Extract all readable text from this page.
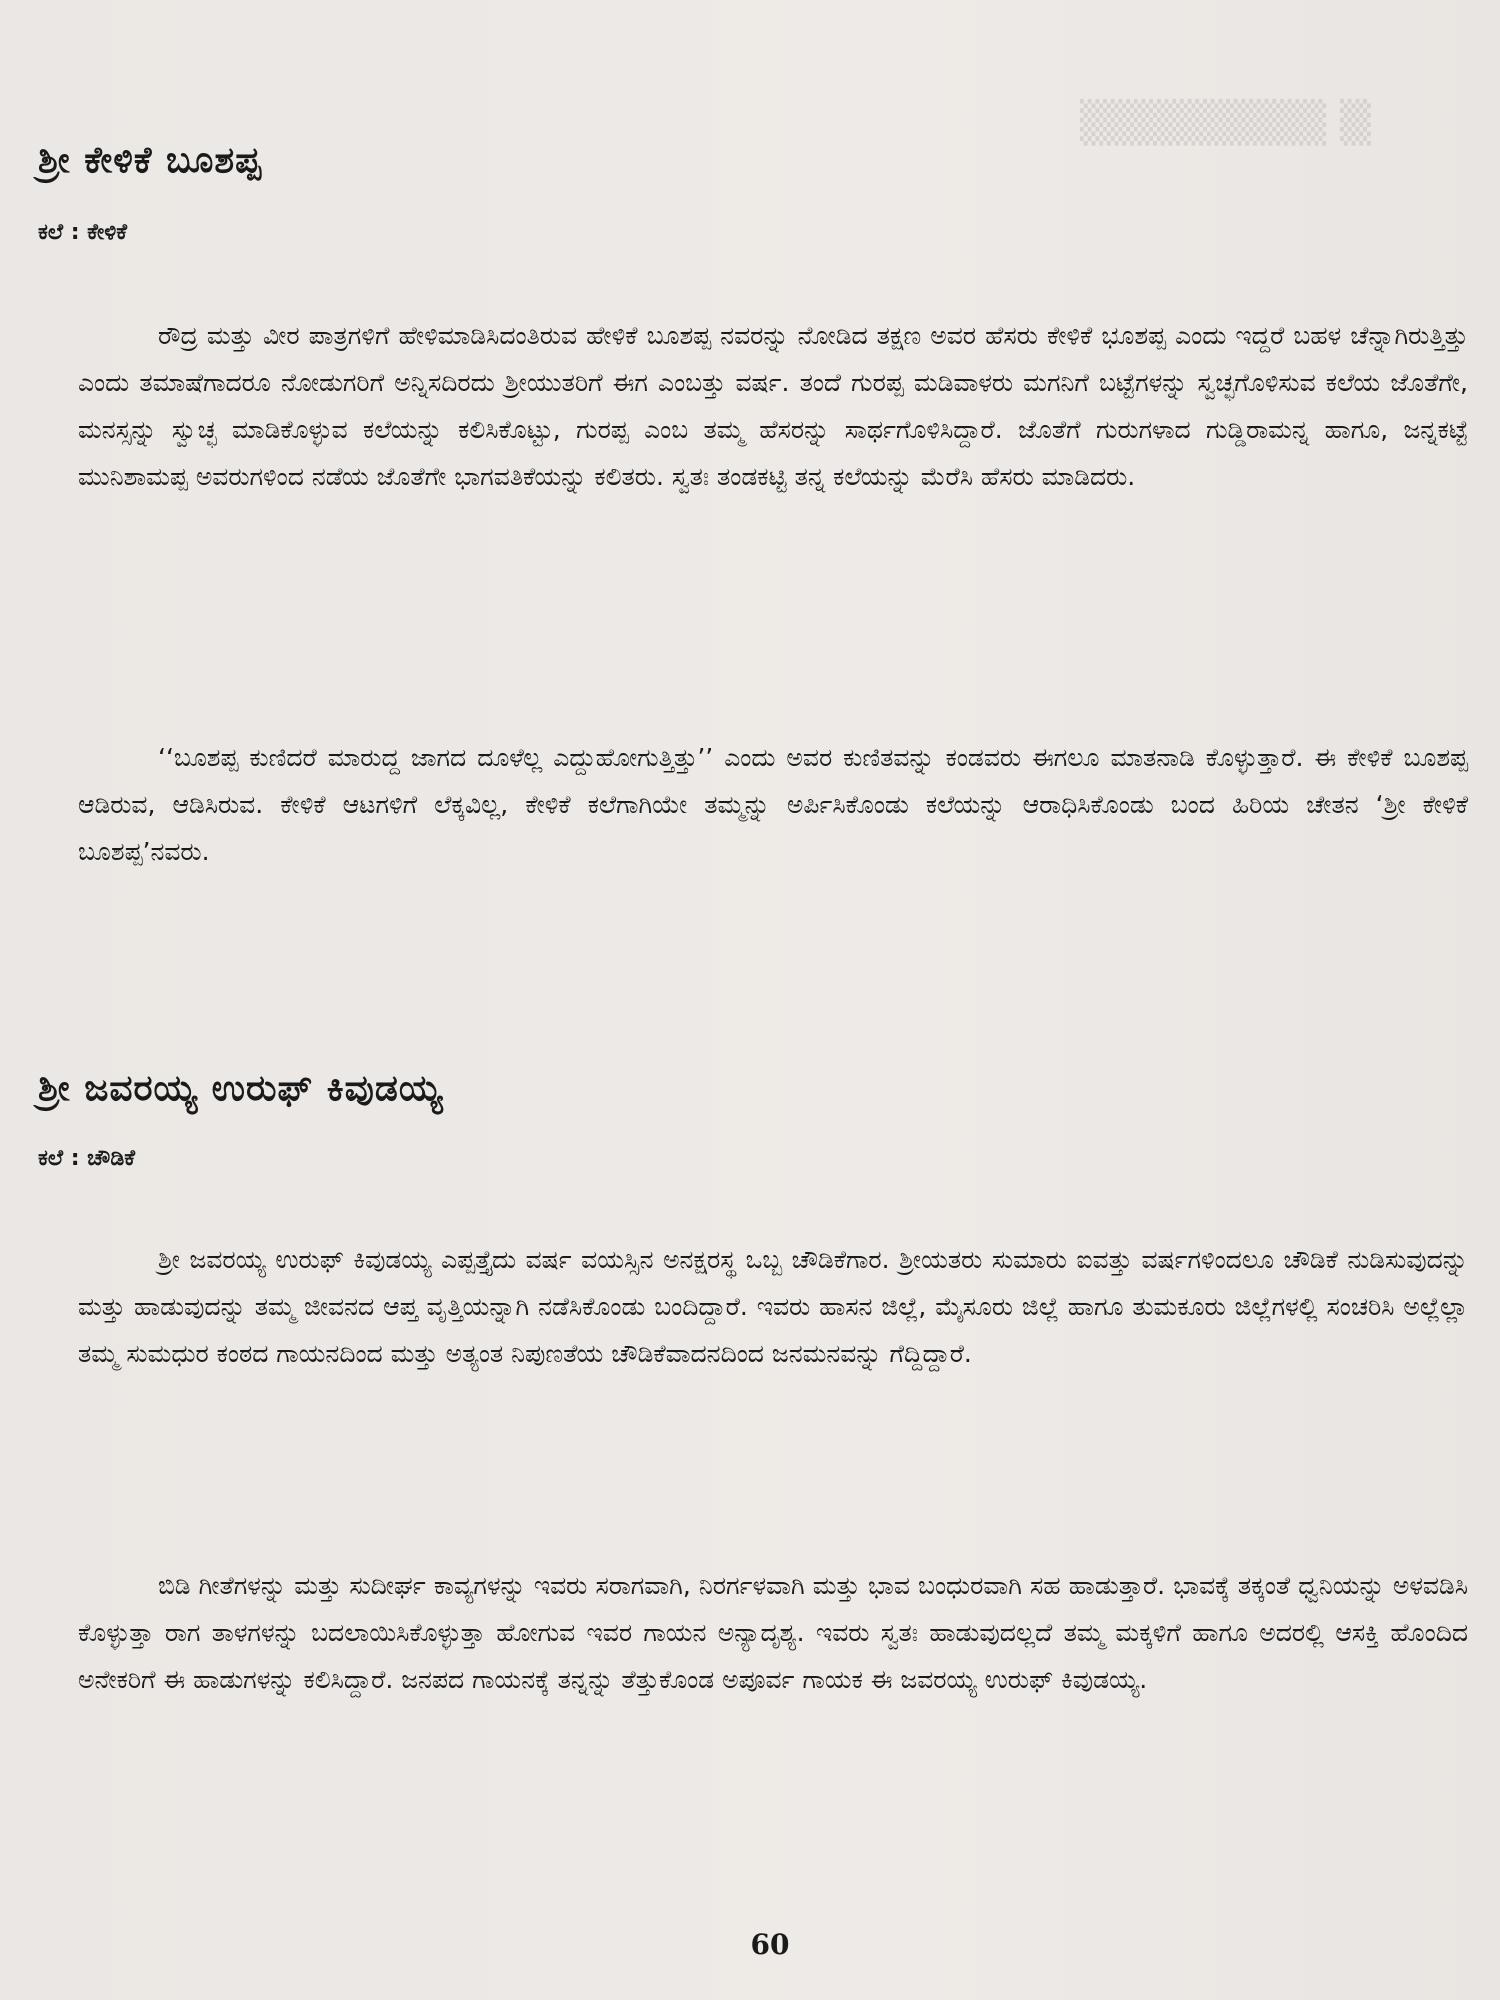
▒▒▒▒▒▒▒▒ ▒
ಶ್ರೀ ಕೇಳಿಕೆ ಬೂಶಪ್ಪ

ಕಲೆ : ಕೇಳಿಕೆ

ರೌದ್ರ ಮತ್ತು ವೀರ ಪಾತ್ರಗಳಿಗೆ ಹೇಳಿಮಾಡಿಸಿದಂತಿರುವ ಹೇಳಿಕೆ ಬೂಶಪ್ಪ ನವರನ್ನು ನೋಡಿದ ತಕ್ಷಣ ಅವರ ಹೆಸರು ಕೇಳಿಕೆ ಭೂಶಪ್ಪ ಎಂದು ಇದ್ದರೆ ಬಹಳ ಚೆನ್ನಾಗಿರುತ್ತಿತ್ತು ಎಂದು ತಮಾಷೆಗಾದರೂ ನೋಡುಗರಿಗೆ ಅನ್ನಿಸದಿರದು ಶ್ರೀಯುತರಿಗೆ ಈಗ ಎಂಬತ್ತು ವರ್ಷ. ತಂದೆ ಗುರಪ್ಪ ಮಡಿವಾಳರು ಮಗನಿಗೆ ಬಟ್ಟೆಗಳನ್ನು ಸ್ವಚ್ಛಗೊಳಿಸುವ ಕಲೆಯ ಜೊತೆಗೇ, ಮನಸ್ಸನ್ನು ಸ್ವುಚ್ಛ ಮಾಡಿಕೊಳ್ಳುವ ಕಲೆಯನ್ನು ಕಲಿಸಿಕೊಟ್ಟು, ಗುರಪ್ಪ ಎಂಬ ತಮ್ಮ ಹೆಸರನ್ನು ಸಾರ್ಥಗೊಳಿಸಿದ್ದಾರೆ. ಜೊತೆಗೆ ಗುರುಗಳಾದ ಗುಡ್ಡಿರಾಮನ್ನ ಹಾಗೂ, ಜನ್ನಕಟ್ಟೆ ಮುನಿಶಾಮಪ್ಪ ಅವರುಗಳಿಂದ ನಡೆಯ ಜೊತೆಗೇ ಭಾಗವತಿಕೆಯನ್ನು ಕಲಿತರು. ಸ್ವತಃ ತಂಡಕಟ್ಟಿ ತನ್ನ ಕಲೆಯನ್ನು ಮೆರೆಸಿ ಹೆಸರು ಮಾಡಿದರು.

‘‘ಬೂಶಪ್ಪ ಕುಣಿದರೆ ಮಾರುದ್ದ ಜಾಗದ ದೂಳೆಲ್ಲ ಎದ್ದುಹೋಗುತ್ತಿತ್ತು’’ ಎಂದು ಅವರ ಕುಣಿತವನ್ನು ಕಂಡವರು ಈಗಲೂ ಮಾತನಾಡಿ ಕೊಳ್ಳುತ್ತಾರೆ. ಈ ಕೇಳಿಕೆ ಬೂಶಪ್ಪ ಆಡಿರುವ, ಆಡಿಸಿರುವ. ಕೇಳಿಕೆ ಆಟಗಳಿಗೆ ಲೆಕ್ಕವಿಲ್ಲ, ಕೇಳಿಕೆ ಕಲೆಗಾಗಿಯೇ ತಮ್ಮನ್ನು ಅರ್ಪಿಸಿಕೊಂಡು ಕಲೆಯನ್ನು ಆರಾಧಿಸಿಕೊಂಡು ಬಂದ ಹಿರಿಯ ಚೇತನ ‘ಶ್ರೀ ಕೇಳಿಕೆ ಬೂಶಪ್ಪ’ನವರು.

ಶ್ರೀ ಜವರಯ್ಯ ಉರುಫ್ ಕಿವುಡಯ್ಯ

ಕಲೆ : ಚೌಡಿಕೆ

ಶ್ರೀ ಜವರಯ್ಯ ಉರುಫ್ ಕಿವುಡಯ್ಯ ಎಪ್ಪತ್ತೈದು ವರ್ಷ ವಯಸ್ಸಿನ ಅನಕ್ಷರಸ್ಥ ಒಬ್ಬ ಚೌಡಿಕೆಗಾರ. ಶ್ರೀಯತರು ಸುಮಾರು ಐವತ್ತು ವರ್ಷಗಳಿಂದಲೂ ಚೌಡಿಕೆ ನುಡಿಸುವುದನ್ನು ಮತ್ತು ಹಾಡುವುದನ್ನು ತಮ್ಮ ಜೀವನದ ಆಪ್ತ ವೃತ್ತಿಯನ್ನಾಗಿ ನಡೆಸಿಕೊಂಡು ಬಂದಿದ್ದಾರೆ. ಇವರು ಹಾಸನ ಜಿಲ್ಲೆ, ಮೈಸೂರು ಜಿಲ್ಲೆ ಹಾಗೂ ತುಮಕೂರು ಜಿಲ್ಲೆಗಳಲ್ಲಿ ಸಂಚರಿಸಿ ಅಲ್ಲೆಲ್ಲಾ ತಮ್ಮ ಸುಮಧುರ ಕಂಠದ ಗಾಯನದಿಂದ ಮತ್ತು ಅತ್ಯಂತ ನಿಪುಣತೆಯ ಚೌಡಿಕೆವಾದನದಿಂದ ಜನಮನವನ್ನು ಗೆದ್ದಿದ್ದಾರೆ.

ಬಿಡಿ ಗೀತೆಗಳನ್ನು ಮತ್ತು ಸುದೀರ್ಘ ಕಾವ್ಯಗಳನ್ನು ಇವರು ಸರಾಗವಾಗಿ, ನಿರರ್ಗಳವಾಗಿ ಮತ್ತು ಭಾವ ಬಂಧುರವಾಗಿ ಸಹ ಹಾಡುತ್ತಾರೆ. ಭಾವಕ್ಕೆ ತಕ್ಕಂತೆ ಧ್ವನಿಯನ್ನು ಅಳವಡಿಸಿ ಕೊಳ್ಳುತ್ತಾ ರಾಗ ತಾಳಗಳನ್ನು ಬದಲಾಯಿಸಿಕೊಳ್ಳುತ್ತಾ ಹೋಗುವ ಇವರ ಗಾಯನ ಅನ್ಯಾದೃಶ್ಯ. ಇವರು ಸ್ವತಃ ಹಾಡುವುದಲ್ಲದೆ ತಮ್ಮ ಮಕ್ಕಳಿಗೆ ಹಾಗೂ ಅದರಲ್ಲಿ ಆಸಕ್ತಿ ಹೊಂದಿದ ಅನೇಕರಿಗೆ ಈ ಹಾಡುಗಳನ್ನು ಕಲಿಸಿದ್ದಾರೆ. ಜನಪದ ಗಾಯನಕ್ಕೆ ತನ್ನನ್ನು ತೆತ್ತುಕೊಂಡ ಅಪೂರ್ವ ಗಾಯಕ ಈ ಜವರಯ್ಯ ಉರುಫ್ ಕಿವುಡಯ್ಯ.

60
